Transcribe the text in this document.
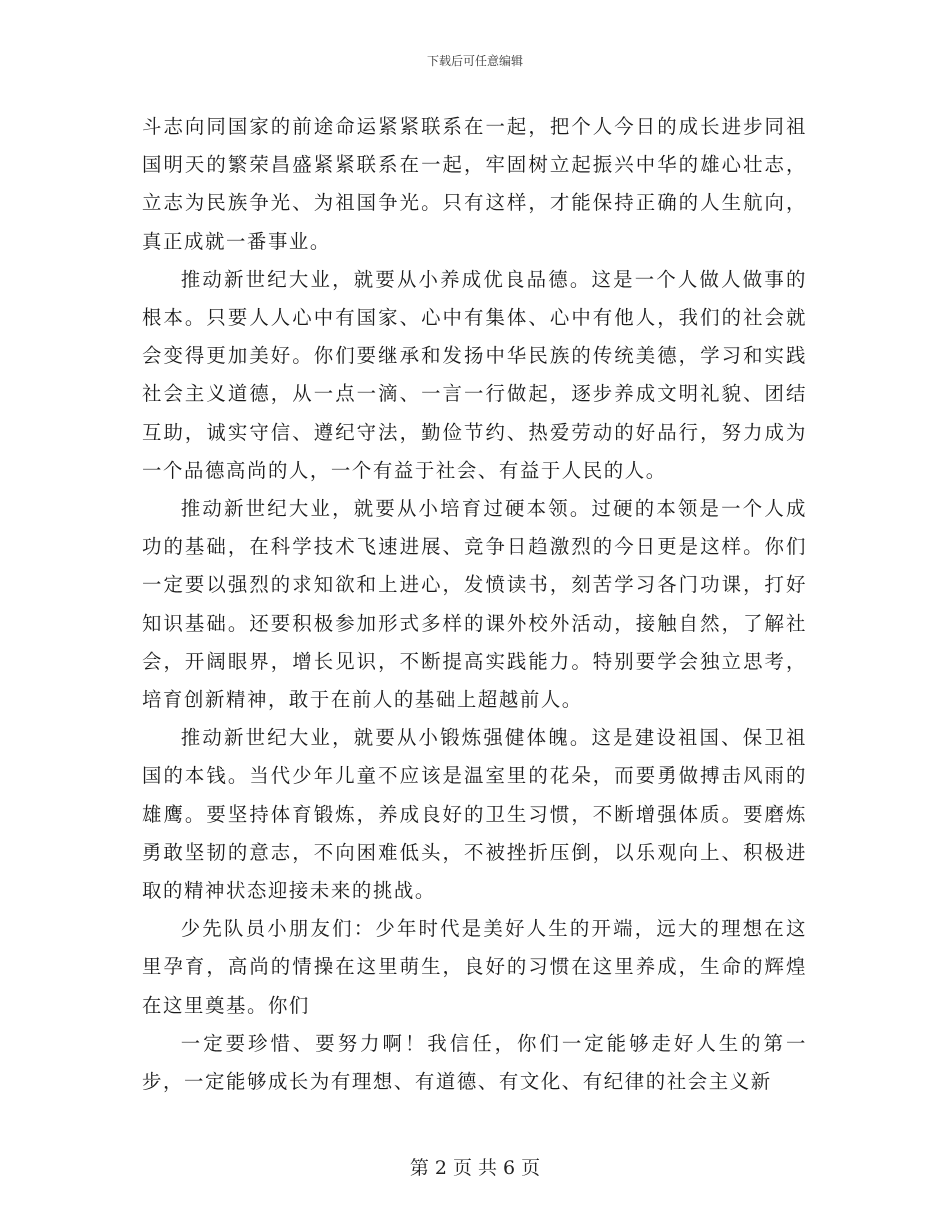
下载后可任意编辑

斗志向同国家的前途命运紧紧联系在一起，把个人今日的成长进步同祖国明天的繁荣昌盛紧紧联系在一起，牢固树立起振兴中华的雄心壮志，立志为民族争光、为祖国争光。只有这样，才能保持正确的人生航向，真正成就一番事业。

推动新世纪大业，就要从小养成优良品德。这是一个人做人做事的根本。只要人人心中有国家、心中有集体、心中有他人，我们的社会就会变得更加美好。你们要继承和发扬中华民族的传统美德，学习和实践社会主义道德，从一点一滴、一言一行做起，逐步养成文明礼貌、团结互助，诚实守信、遵纪守法，勤俭节约、热爱劳动的好品行，努力成为一个品德高尚的人，一个有益于社会、有益于人民的人。

推动新世纪大业，就要从小培育过硬本领。过硬的本领是一个人成功的基础，在科学技术飞速进展、竞争日趋激烈的今日更是这样。你们一定要以强烈的求知欲和上进心，发愤读书，刻苦学习各门功课，打好知识基础。还要积极参加形式多样的课外校外活动，接触自然，了解社会，开阔眼界，增长见识，不断提高实践能力。特别要学会独立思考，培育创新精神，敢于在前人的基础上超越前人。

推动新世纪大业，就要从小锻炼强健体魄。这是建设祖国、保卫祖国的本钱。当代少年儿童不应该是温室里的花朵，而要勇做搏击风雨的雄鹰。要坚持体育锻炼，养成良好的卫生习惯，不断增强体质。要磨炼勇敢坚韧的意志，不向困难低头，不被挫折压倒，以乐观向上、积极进取的精神状态迎接未来的挑战。

少先队员小朋友们：少年时代是美好人生的开端，远大的理想在这里孕育，高尚的情操在这里萌生，良好的习惯在这里养成，生命的辉煌在这里奠基。你们

一定要珍惜、要努力啊！我信任，你们一定能够走好人生的第一步，一定能够成长为有理想、有道德、有文化、有纪律的社会主义新

第 2 页 共 6 页
